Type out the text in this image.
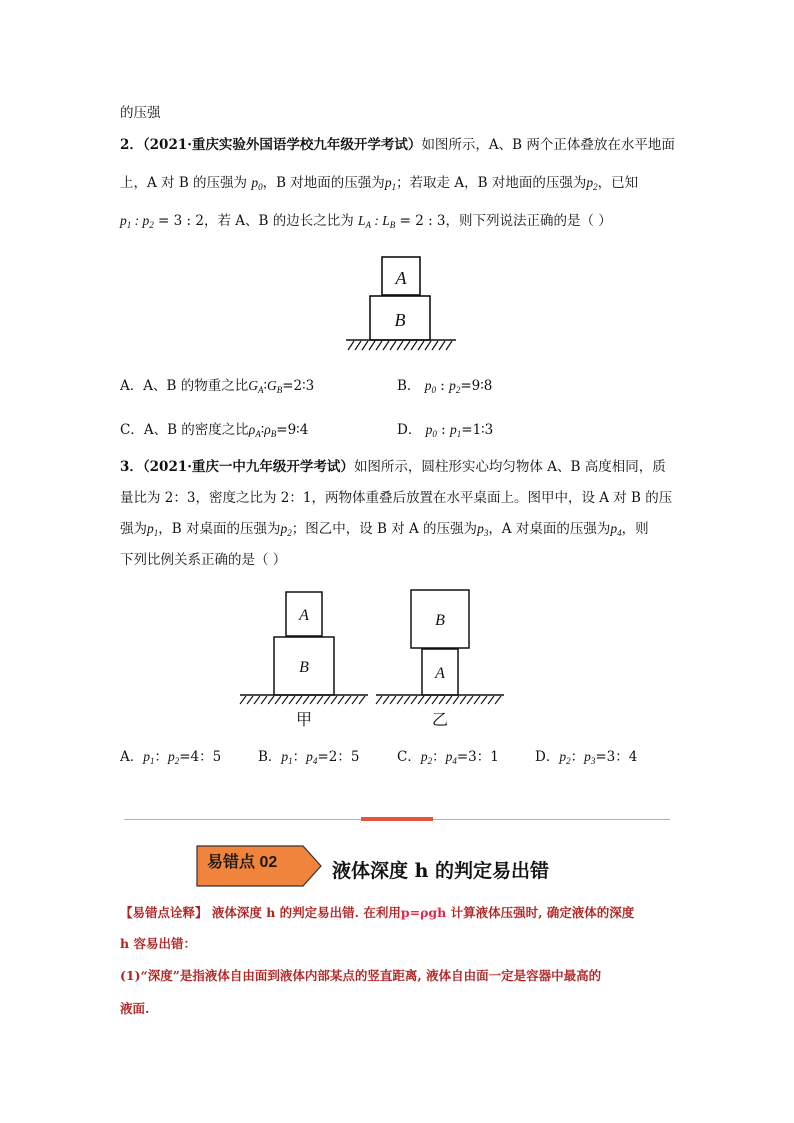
的压强
2．（2021·重庆实验外国语学校九年级开学考试）如图所示，A、B 两个正体叠放在水平地面
上，A 对 B 的压强为 $p_0$，B 对地面的压强为$p_1$；若取走 A，B 对地面的压强为$p_2$，已知
$p_1$ : $p_2 = 3$ : 2，若 A、B 的边长之比为 $L_A$ : $L_B = 2$ : 3，则下列说法正确的是（ ）
A
B
A．A、B 的物重之比$G_A∶G_B=2∶3$	B． $p_0$ : $p_2=9∶8$
C．A、B 的密度之比$\rho_A∶\rho_B=9∶4$	D． $p_0$ : $p_1=1∶3$
3．（2021·重庆一中九年级开学考试）如图所示，圆柱形实心均匀物体 A、B 高度相同，质
量比为 2：3，密度之比为 2：1，两物体重叠后放置在水平桌面上。图甲中，设 A 对 B 的压
强为$p_1$，B 对桌面的压强为$p_2$；图乙中，设 B 对 A 的压强为$p_3$，A 对桌面的压强为$p_4$，则
下列比例关系正确的是（ ）
A
B
甲
B
A
乙
A．$p_1$：$p_2=4$：5	B．$p_1$：$p_4=2$：5	C．$p_2$：$p_4=3$：1	D．$p_2$：$p_3=3$：4
易错点 02	液体深度 h 的判定易出错
【易错点诠释】 液体深度 h 的判定易出错. 在利用p=ρgh 计算液体压强时, 确定液体的深度
h 容易出错：
(1)“深度”是指液体自由面到液体内部某点的竖直距离, 液体自由面一定是容器中最高的
液面.
